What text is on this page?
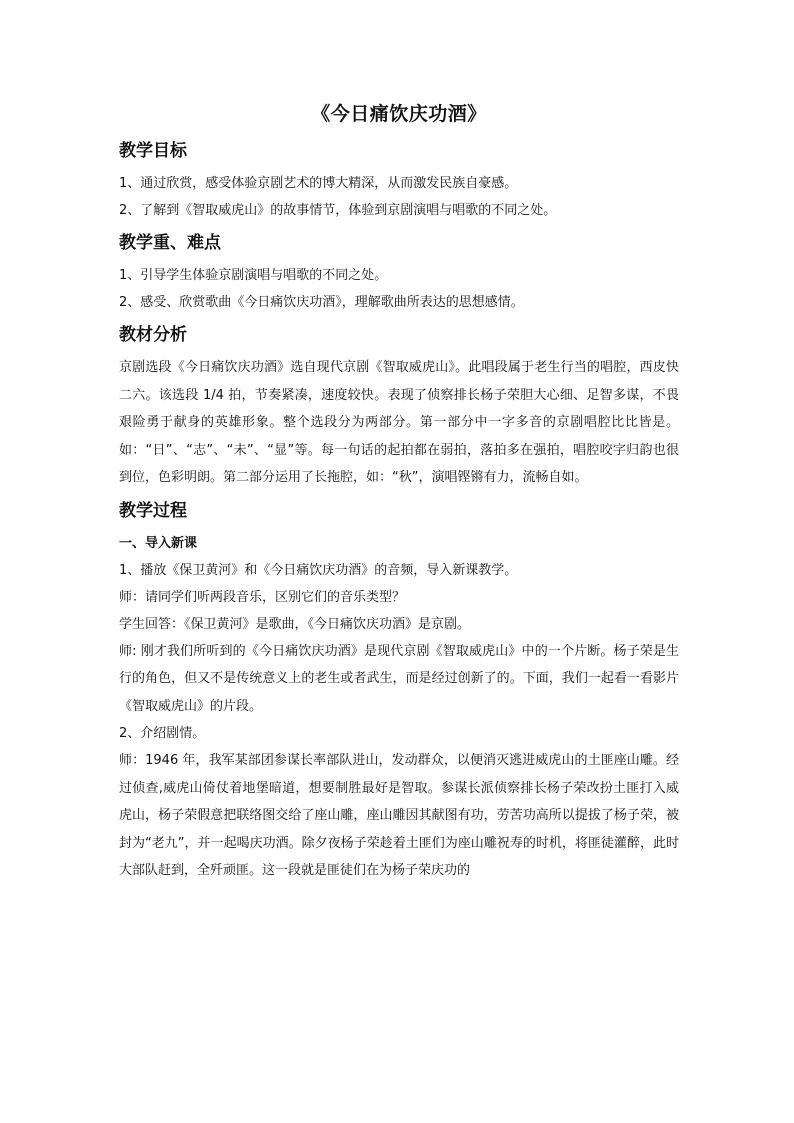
《今日痛饮庆功酒》
教学目标

1、通过欣赏，感受体验京剧艺术的博大精深，从而激发民族自豪感。

2、了解到《智取威虎山》的故事情节，体验到京剧演唱与唱歌的不同之处。

教学重、难点

1、引导学生体验京剧演唱与唱歌的不同之处。

2、感受、欣赏歌曲《今日痛饮庆功酒》，理解歌曲所表达的思想感情。

教材分析

京剧选段《今日痛饮庆功酒》选自现代京剧《智取威虎山》。此唱段属于老生行当的唱腔，西皮快二六。该选段 1/4 拍，节奏紧凑，速度较快。表现了侦察排长杨子荣胆大心细、足智多谋，不畏艰险勇于献身的英雄形象。整个选段分为两部分。第一部分中一字多音的京剧唱腔比比皆是。如：“日”、“志”、“未”、“显”等。每一句话的起拍都在弱拍，落拍多在强拍，唱腔咬字归韵也很到位，色彩明朗。第二部分运用了长拖腔，如：“秋”，演唱铿锵有力，流畅自如。

教学过程

一、导入新课

1、播放《保卫黄河》和《今日痛饮庆功酒》的音频，导入新课教学。

师：请同学们听两段音乐，区别它们的音乐类型？

学生回答：《保卫黄河》是歌曲，《今日痛饮庆功酒》是京剧。

师: 刚才我们所听到的《今日痛饮庆功酒》是现代京剧《智取威虎山》中的一个片断。杨子荣是生行的角色，但又不是传统意义上的老生或者武生，而是经过创新了的。下面，我们一起看一看影片《智取威虎山》的片段。

2、介绍剧情。

师：1946 年，我军某部团参谋长率部队进山，发动群众，以便消灭逃进威虎山的土匪座山雕。经过侦查,威虎山倚仗着地堡暗道，想要制胜最好是智取。参谋长派侦察排长杨子荣改扮土匪打入威虎山，杨子荣假意把联络图交给了座山雕，座山雕因其献图有功，劳苦功高所以提拔了杨子荣，被封为“老九”，并一起喝庆功酒。除夕夜杨子荣趁着土匪们为座山雕祝寿的时机，将匪徒灌醉，此时大部队赶到，全歼顽匪。这一段就是匪徒们在为杨子荣庆功的
